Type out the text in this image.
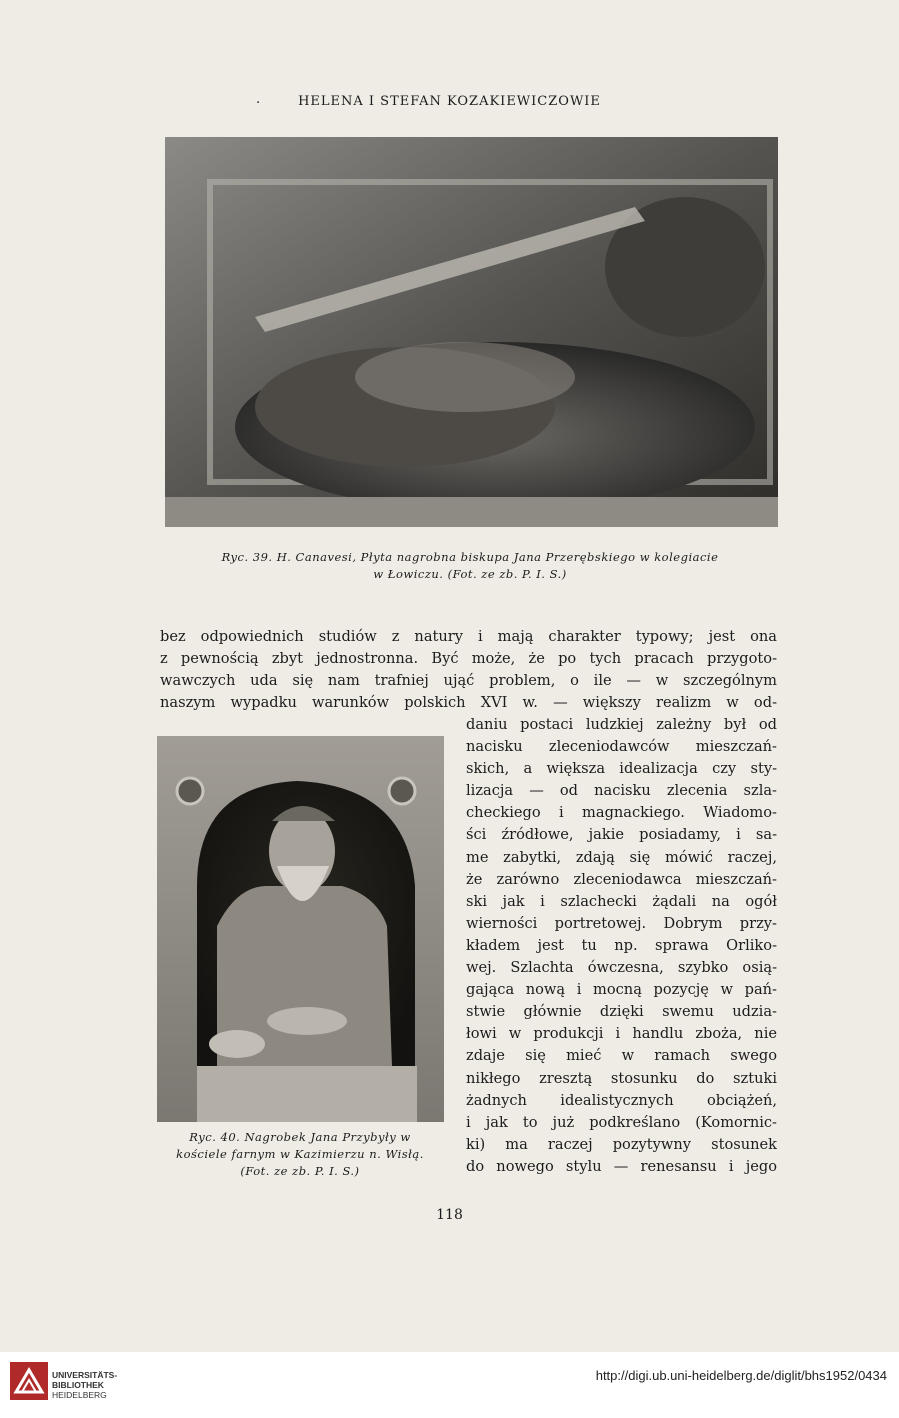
.	HELENA I STEFAN KOZAKIEWICZOWIE
Ryc. 39. H. Canavesi, Płyta nagrobna biskupa Jana Przerębskiego w kolegiacie
w Łowiczu. (Fot. ze zb. P. I. S.)
bez odpowiednich studiów z natury i mają charakter typowy; jest ona
z pewnością zbyt jednostronna. Być może, że po tych pracach przygoto-
wawczych uda się nam trafniej ująć problem, o ile — w szczególnym
naszym wypadku warunków polskich XVI w. — większy realizm w od-
Ryc. 40. Nagrobek Jana Przybyły w
kościele farnym w Kazimierzu n. Wisłą.
(Fot. ze zb. P. I. S.)
daniu postaci ludzkiej zależny był od
nacisku zleceniodawców mieszczań-
skich, a większa idealizacja czy sty-
lizacja — od nacisku zlecenia szla-
checkiego i magnackiego. Wiadomo-
ści źródłowe, jakie posiadamy, i sa-
me zabytki, zdają się mówić raczej,
że zarówno zleceniodawca mieszczań-
ski jak i szlachecki żądali na ogół
wierności portretowej. Dobrym przy-
kładem jest tu np. sprawa Orliko-
wej. Szlachta ówczesna, szybko osią-
gająca nową i mocną pozycję w pań-
stwie głównie dzięki swemu udzia-
łowi w produkcji i handlu zboża, nie
zdaje się mieć w ramach swego
nikłego zresztą stosunku do sztuki
żadnych idealistycznych obciążeń,
i jak to już podkreślano (Komornic-
ki) ma raczej pozytywny stosunek
do nowego stylu — renesansu i jego
118
UNIVERSITÄTS-
BIBLIOTHEK
HEIDELBERG
http://digi.ub.uni-heidelberg.de/diglit/bhs1952/0434
